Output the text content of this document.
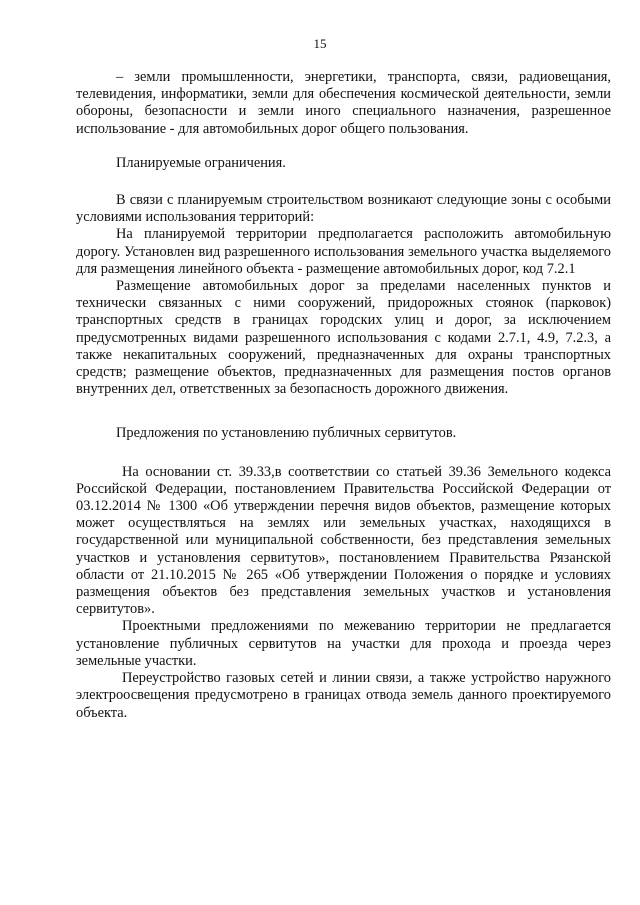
15

– земли промышленности, энергетики, транспорта, связи, радиовещания, телевидения, информатики, земли для обеспечения космической деятельности, земли обороны, безопасности и земли иного специального назначения, разрешенное использование - для автомобильных дорог общего пользования.

Планируемые ограничения.

В связи с планируемым строительством возникают следующие зоны с особыми условиями использования территорий:

На планируемой территории предполагается расположить автомобильную дорогу. Установлен вид разрешенного использования земельного участка выделяемого для размещения линейного объекта - размещение автомобильных дорог, код 7.2.1

Размещение автомобильных дорог за пределами населенных пунктов и технически связанных с ними сооружений, придорожных стоянок (парковок) транспортных средств в границах городских улиц и дорог, за исключением предусмотренных видами разрешенного использования с кодами 2.7.1, 4.9, 7.2.3, а также некапитальных сооружений, предназначенных для охраны транспортных средств; размещение объектов, предназначенных для размещения постов органов внутренних дел, ответственных за безопасность дорожного движения.

Предложения по установлению публичных сервитутов.

На основании ст. 39.33,в соответствии со статьей 39.36 Земельного кодекса Российской Федерации, постановлением Правительства Российской Федерации от 03.12.2014 № 1300 «Об утверждении перечня видов объектов, размещение которых может осуществляться на землях или земельных участках, находящихся в государственной или муниципальной собственности, без представления земельных участков и установления сервитутов», постановлением Правительства Рязанской области от 21.10.2015 № 265 «Об утверждении Положения о порядке и условиях размещения объектов без представления земельных участков и установления сервитутов».

Проектными предложениями по межеванию территории не предлагается установление публичных сервитутов на участки для прохода и проезда через земельные участки.

Переустройство газовых сетей и линии связи, а также устройство наружного электроосвещения предусмотрено в границах отвода земель данного проектируемого объекта.
